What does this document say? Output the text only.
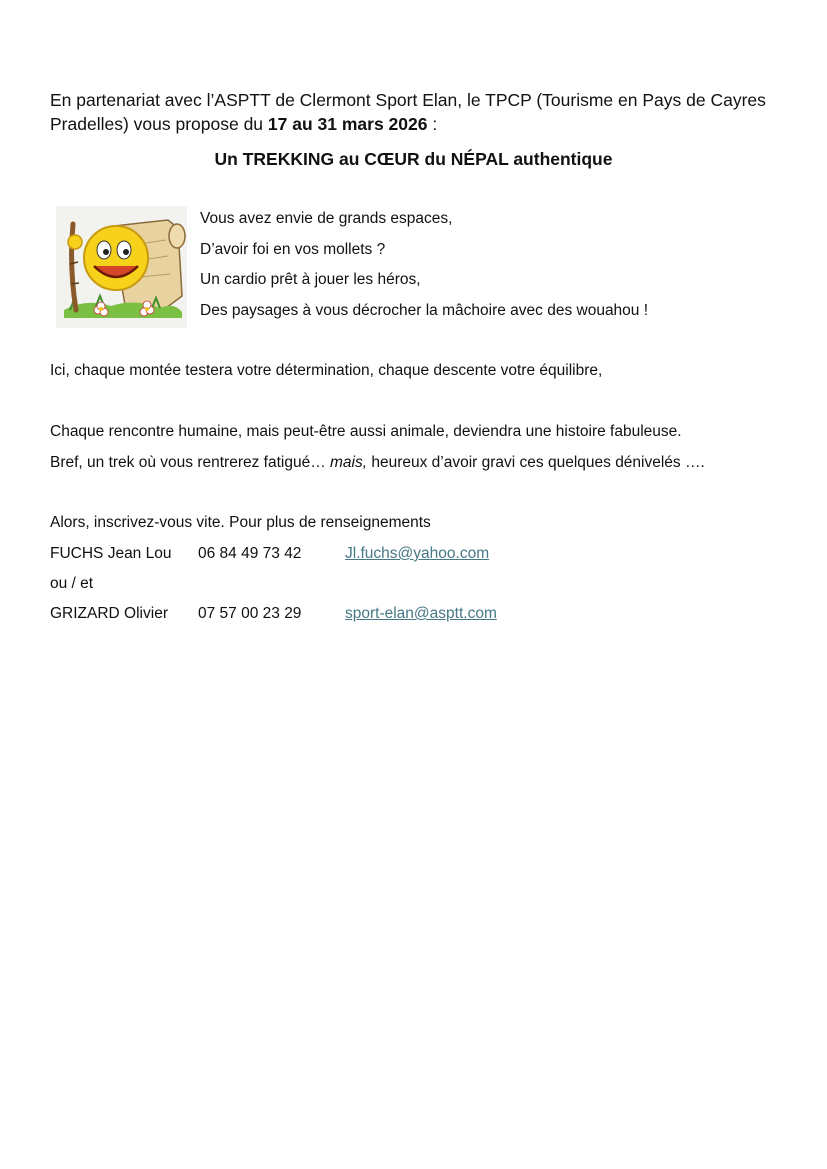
En partenariat avec l’ASPTT de Clermont Sport Elan, le TPCP (Tourisme en Pays de Cayres Pradelles) vous propose du 17 au 31 mars 2026 :
Un TREKKING au CŒUR du NÉPAL authentique
Vous avez envie de grands espaces,
D’avoir foi en vos mollets ?
Un cardio prêt à jouer les héros,
Des paysages à vous décrocher la mâchoire avec des wouahou !
Ici, chaque montée testera votre détermination, chaque descente votre équilibre,
Chaque rencontre humaine, mais peut-être aussi animale, deviendra une histoire fabuleuse.
Bref, un trek où vous rentrerez fatigué… mais, heureux d’avoir gravi ces quelques dénivelés ….
Alors, inscrivez-vous vite. Pour plus de renseignements
FUCHS Jean Lou 06 84 49 73 42	Jl.fuchs@yahoo.com
ou / et
GRIZARD Olivier 07 57 00 23 29	sport-elan@asptt.com
